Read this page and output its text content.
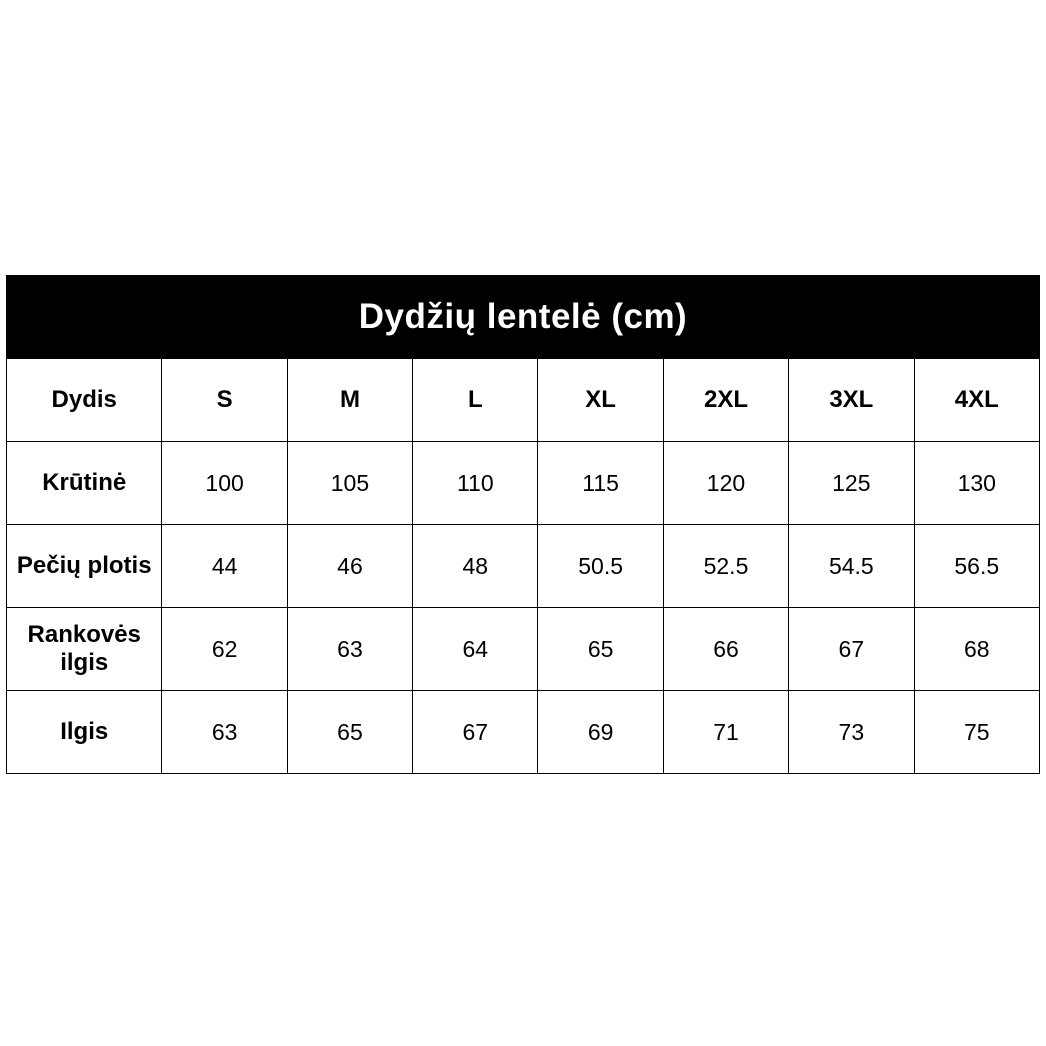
Dydžių lentelė (cm)							
Dydis	S	M	L	XL	2XL	3XL	4XL
Krūtinė	100	105	110	115	120	125	130
Pečių plotis	44	46	48	50.5	52.5	54.5	56.5
Rankovės ilgis	62	63	64	65	66	67	68
Ilgis	63	65	67	69	71	73	75
